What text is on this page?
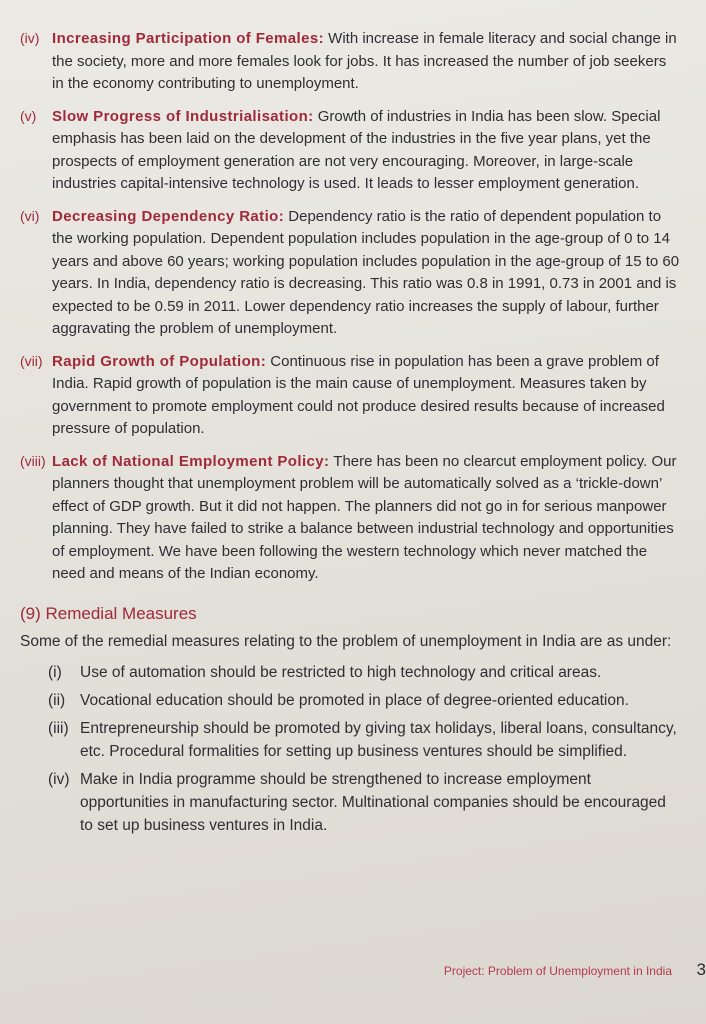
(iv) Increasing Participation of Females: With increase in female literacy and social change in the society, more and more females look for jobs. It has increased the number of job seekers in the economy contributing to unemployment.
(v)	Slow Progress of Industrialisation: Growth of industries in India has been slow. Special emphasis has been laid on the development of the industries in the five year plans, yet the prospects of employment generation are not very encouraging. Moreover, in large-scale industries capital-intensive technology is used. It leads to lesser employment generation.
(vi) Decreasing Dependency Ratio: Dependency ratio is the ratio of dependent population to the working population. Dependent population includes population in the age-group of 0 to 14 years and above 60 years; working population includes population in the age-group of 15 to 60 years. In India, dependency ratio is decreasing. This ratio was 0.8 in 1991, 0.73 in 2001 and is expected to be 0.59 in 2011. Lower dependency ratio increases the supply of labour, further aggravating the problem of unemployment.
(vii) Rapid Growth of Population: Continuous rise in population has been a grave problem of India. Rapid growth of population is the main cause of unemployment. Measures taken by government to promote employment could not produce desired results because of increased pressure of population.
(viii) Lack of National Employment Policy: There has been no clearcut employment policy. Our planners thought that unemployment problem will be automatically solved as a ‘trickle-down’ effect of GDP growth. But it did not happen. The planners did not go in for serious manpower planning. They have failed to strike a balance between industrial technology and opportunities of employment. We have been following the western technology which never matched the need and means of the Indian economy.
(9) Remedial Measures
Some of the remedial measures relating to the problem of unemployment in India are as under:
(i)	Use of automation should be restricted to high technology and critical areas.
(ii) Vocational education should be promoted in place of degree-oriented education.
(iii) Entrepreneurship should be promoted by giving tax holidays, liberal loans, consultancy, etc. Procedural formalities for setting up business ventures should be simplified.
(iv) Make in India programme should be strengthened to increase employment opportunities in manufacturing sector. Multinational companies should be encouraged to set up business ventures in India.
Project: Problem of Unemployment in India 3
